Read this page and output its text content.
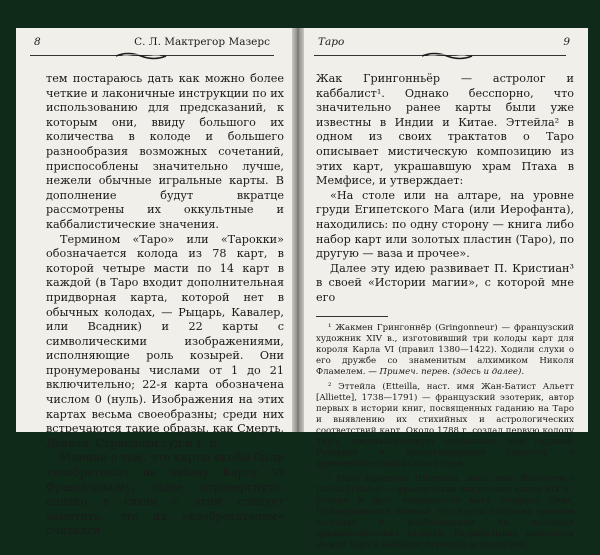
8	С. Л. Мактрегор Мазерс

тем постараюсь дать как можно более четкие и лаконичные инструкции по их использованию для предсказаний, к которым они, ввиду большого их количества в колоде и большего разнообразия возможных сочетаний, приспособлены значительно лучше, нежели обычные игральные карты. В дополнение будут вкратце рассмотрены их оккультные и каббалистические значения.

Термином «Таро» или «Тарокки» обозначается колода из 78 карт, в которой четыре масти по 14 карт в каждой (в Таро входит дополнительная придворная карта, которой нет в обычных колодах, — Рыцарь, Кавалер, или Всадник) и 22 карты с символическими изображениями, исполняющие роль козырей. Они пронумерованы числами от 1 до 21 включительно; 22-я карта обозначена числом 0 (нуль). Изображения на этих картах весьма своеобразны; среди них встречаются такие образы, как Смерть, Дьявол, Страшный суд и т. д.

Мнение о том, что карты якобы были «изобретены» на забаву Карлу VI Французскому, ныне опровергнуто; однако в связи с этим следует заметить, что их «изобретателем» считался

Таро	9

Жак Грингонньёр — астролог и каббалист¹. Однако бесспорно, что значительно ранее карты были уже известны в Индии и Китае. Эттейла² в одном из своих трактатов о Таро описывает мистическую композицию из этих карт, украшавшую храм Птаха в Мемфисе, и утверждает:

«На столе или на алтаре, на уровне груди Египетского Мага (или Иерофанта), находились: по одну сторону — книга либо набор карт или золотых пластин (Таро), по другую — ваза и прочее».

Далее эту идею развивает П. Кристиан³ в своей «Истории магии», с которой мне его

¹ Жакмен Грингоннёр (Gringonneur) — французский художник XIV в., изготовивший три колоды карт для короля Карла VI (правил 1380—1422). Ходили слухи о его дружбе со знаменитым алхимиком Николя Фламелем. — Примеч. перев. (здесь и далее).

² Эттейла (Etteilla, наст. имя Жан-Батист Альетт [Alliette], 1738—1791) — французский эзотерик, автор первых в истории книг, посвященных гаданию на Таро и выявлению их стихийных и астрологических соответствий карт. Около 1788 г. создал первую колоду Таро, предназначенную специально для гадания. Развивал и пропагандировал гипотезу о древнеегипетских истоках Таро.

³ Поль Кристиан (Christian, наст. имя Жан-Батист Питуа [Pitois]) — французский оккультист конца XIX в., ученик и друг знаменитого мага Элифаса Леви. Придерживался мнения, что карты Старших арканов восходят к изображениям на колоннах древнеегипетских галерей. Разрабатывал параллели между Таро и каббалистической астрологией.
